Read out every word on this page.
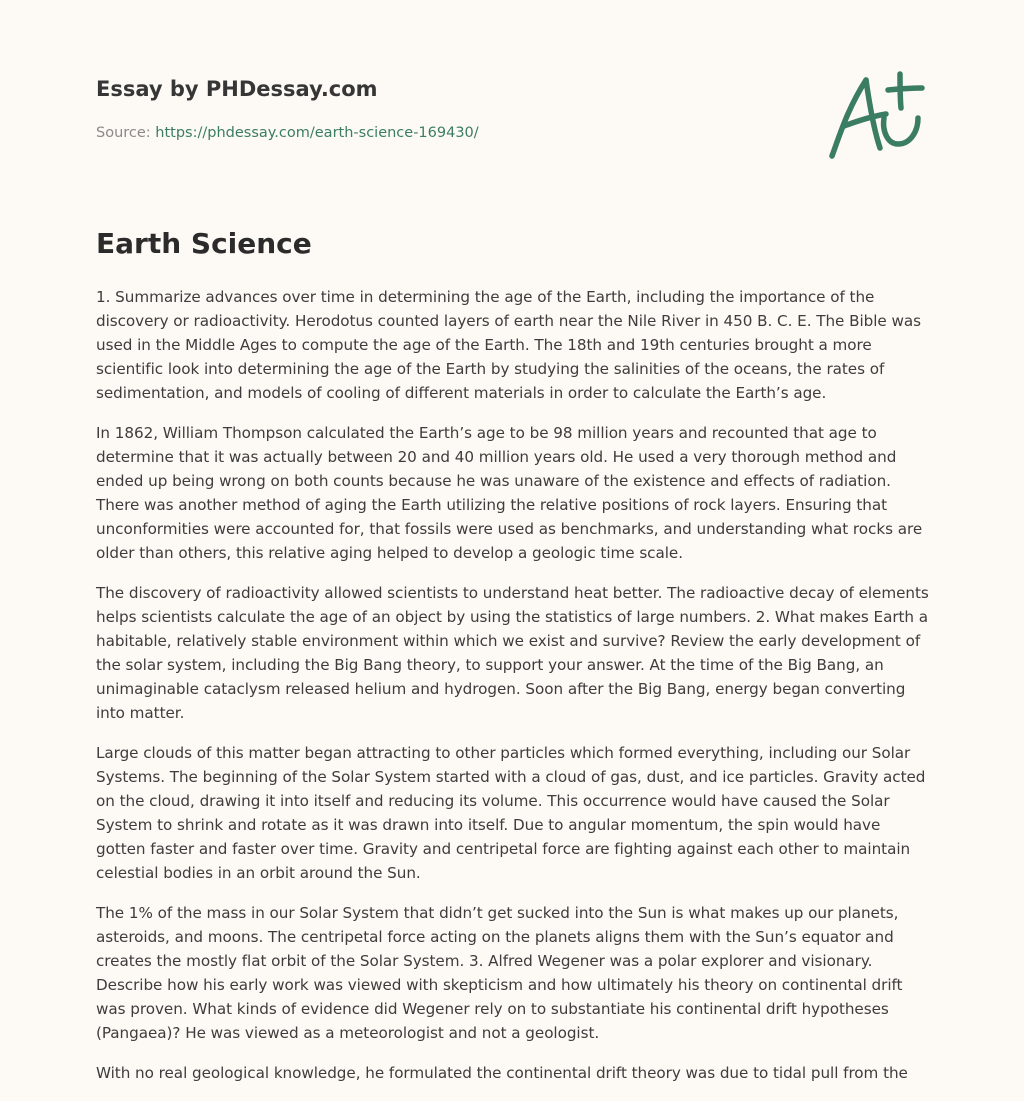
Essay by PHDessay.com
Source: https://phdessay.com/earth-science-169430/
Earth Science

1. Summarize advances over time in determining the age of the Earth, including the importance of the discovery or radioactivity. Herodotus counted layers of earth near the Nile River in 450 B. C. E. The Bible was used in the Middle Ages to compute the age of the Earth. The 18th and 19th centuries brought a more scientific look into determining the age of the Earth by studying the salinities of the oceans, the rates of sedimentation, and models of cooling of different materials in order to calculate the Earth’s age.

In 1862, William Thompson calculated the Earth’s age to be 98 million years and recounted that age to determine that it was actually between 20 and 40 million years old. He used a very thorough method and ended up being wrong on both counts because he was unaware of the existence and effects of radiation. There was another method of aging the Earth utilizing the relative positions of rock layers. Ensuring that unconformities were accounted for, that fossils were used as benchmarks, and understanding what rocks are older than others, this relative aging helped to develop a geologic time scale.

The discovery of radioactivity allowed scientists to understand heat better. The radioactive decay of elements helps scientists calculate the age of an object by using the statistics of large numbers. 2. What makes Earth a habitable, relatively stable environment within which we exist and survive? Review the early development of the solar system, including the Big Bang theory, to support your answer. At the time of the Big Bang, an unimaginable cataclysm released helium and hydrogen. Soon after the Big Bang, energy began converting into matter.

Large clouds of this matter began attracting to other particles which formed everything, including our Solar Systems. The beginning of the Solar System started with a cloud of gas, dust, and ice particles. Gravity acted on the cloud, drawing it into itself and reducing its volume. This occurrence would have caused the Solar System to shrink and rotate as it was drawn into itself. Due to angular momentum, the spin would have gotten faster and faster over time. Gravity and centripetal force are fighting against each other to maintain celestial bodies in an orbit around the Sun.

The 1% of the mass in our Solar System that didn’t get sucked into the Sun is what makes up our planets, asteroids, and moons. The centripetal force acting on the planets aligns them with the Sun’s equator and creates the mostly flat orbit of the Solar System. 3. Alfred Wegener was a polar explorer and visionary. Describe how his early work was viewed with skepticism and how ultimately his theory on continental drift was proven. What kinds of evidence did Wegener rely on to substantiate his continental drift hypotheses (Pangaea)? He was viewed as a meteorologist and not a geologist.

With no real geological knowledge, he formulated the continental drift theory was due to tidal pull from the
